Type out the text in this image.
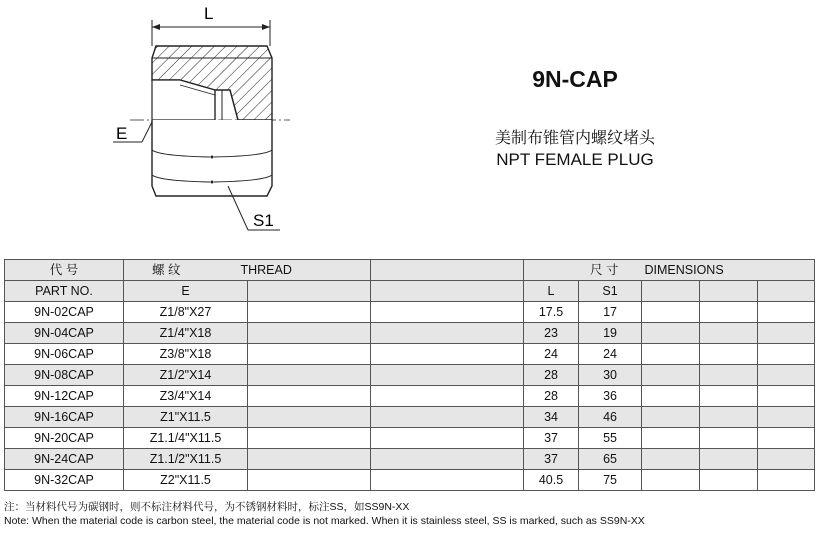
L
E
S1
9N-CAP
美制布锥管内螺纹堵头
NPT FEMALE PLUG
代 号	螺 纹 THREAD			尺 寸 DIMENSIONS				
PART NO.	E			L	S1			
9N-02CAP	Z1/8"X27			17.5	17			
9N-04CAP	Z1/4"X18			23	19			
9N-06CAP	Z3/8"X18			24	24			
9N-08CAP	Z1/2"X14			28	30			
9N-12CAP	Z3/4"X14			28	36			
9N-16CAP	Z1"X11.5			34	46			
9N-20CAP	Z1.1/4"X11.5			37	55			
9N-24CAP	Z1.1/2"X11.5			37	65			
9N-32CAP	Z2"X11.5			40.5	75			
注：当材料代号为碳钢时，则不标注材料代号，为不锈钢材料时，标注SS，如SS9N-XX
Note: When the material code is carbon steel, the material code is not marked. When it is stainless steel, SS is marked, such as SS9N-XX
